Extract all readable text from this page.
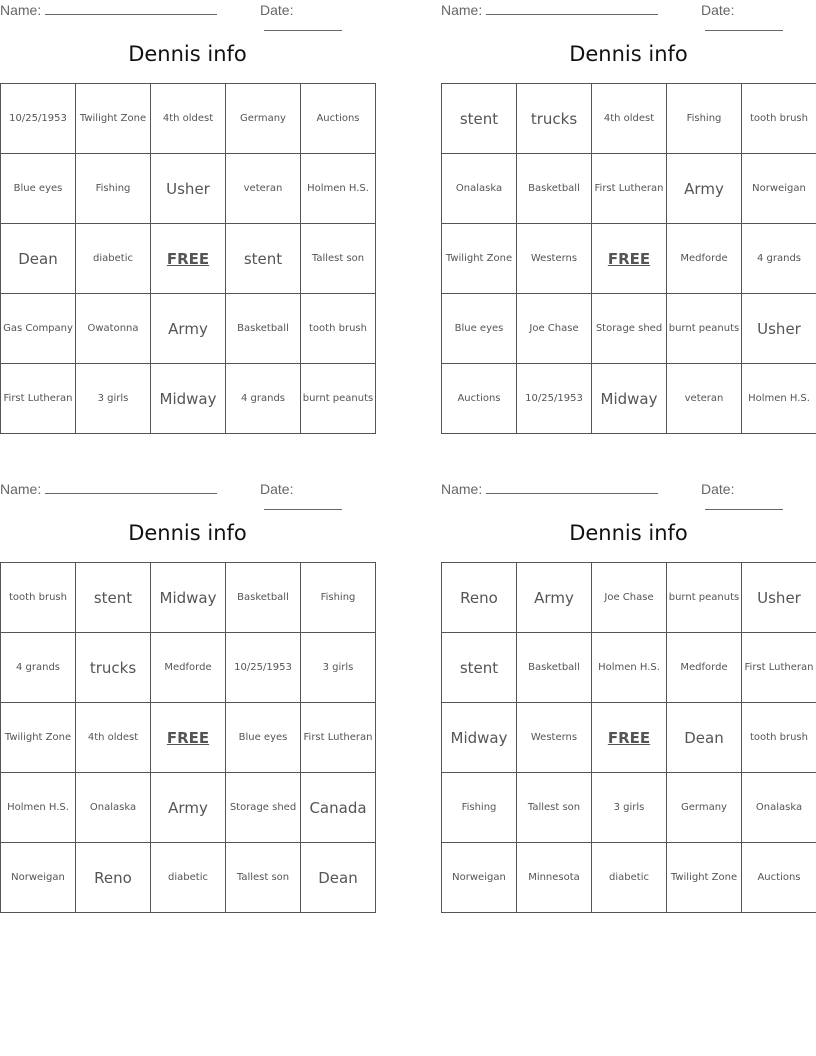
Name:	Date:
Dennis info
10/25/1953	Twilight Zone	4th oldest	Germany	Auctions
Blue eyes	Fishing	Usher	veteran	Holmen H.S.
Dean	diabetic	FREE	stent	Tallest son
Gas Company	Owatonna	Army	Basketball	tooth brush
First Lutheran	3 girls	Midway	4 grands	burnt peanuts
Name:	Date:
Dennis info
stent	trucks	4th oldest	Fishing	tooth brush
Onalaska	Basketball	First Lutheran	Army	Norweigan
Twilight Zone	Westerns	FREE	Medforde	4 grands
Blue eyes	Joe Chase	Storage shed	burnt peanuts	Usher
Auctions	10/25/1953	Midway	veteran	Holmen H.S.
Name:	Date:
Dennis info
tooth brush	stent	Midway	Basketball	Fishing
4 grands	trucks	Medforde	10/25/1953	3 girls
Twilight Zone	4th oldest	FREE	Blue eyes	First Lutheran
Holmen H.S.	Onalaska	Army	Storage shed	Canada
Norweigan	Reno	diabetic	Tallest son	Dean
Name:	Date:
Dennis info
Reno	Army	Joe Chase	burnt peanuts	Usher
stent	Basketball	Holmen H.S.	Medforde	First Lutheran
Midway	Westerns	FREE	Dean	tooth brush
Fishing	Tallest son	3 girls	Germany	Onalaska
Norweigan	Minnesota	diabetic	Twilight Zone	Auctions
